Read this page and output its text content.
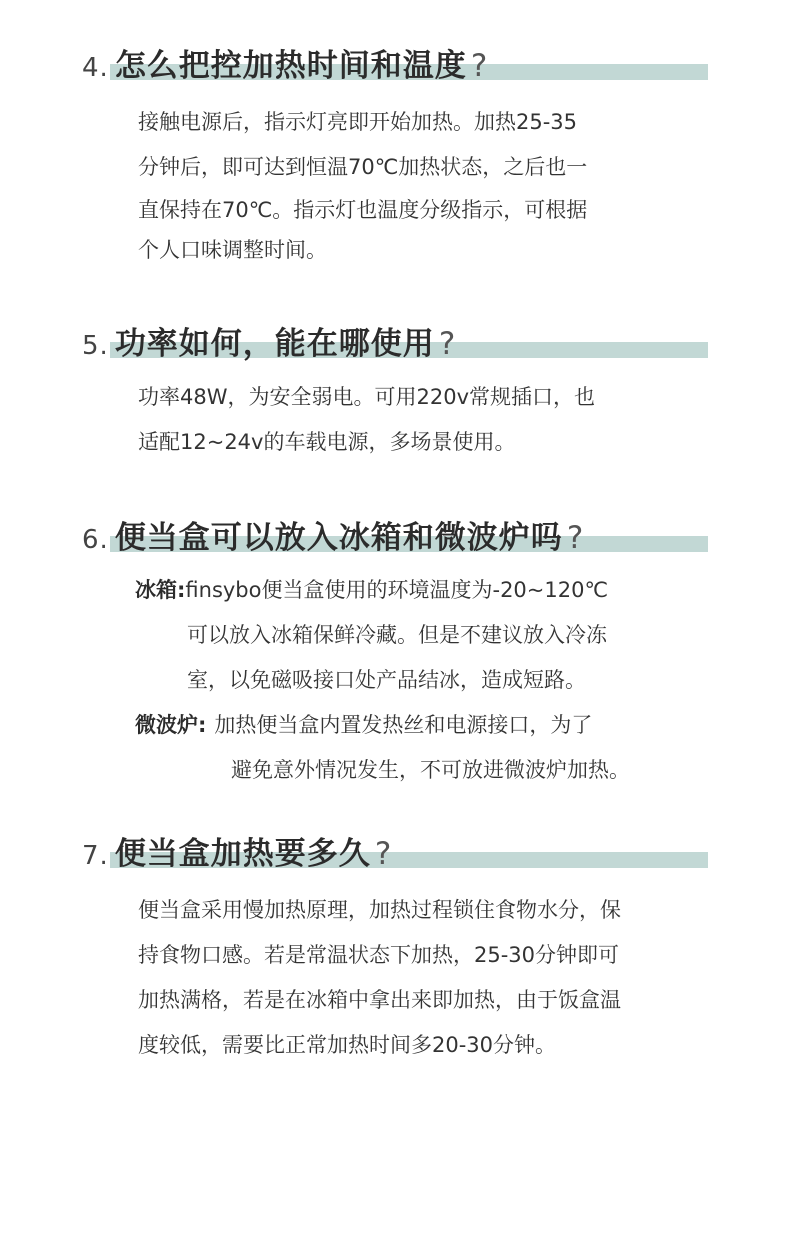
4. 怎么把控加热时间和温度 ?
接触电源后，指示灯亮即开始加热。加热25-35
分钟后，即可达到恒温70℃加热状态，之后也一
直保持在70℃。指示灯也温度分级指示，可根据
个人口味调整时间。
5. 功率如何，能在哪使用 ?
功率48W，为安全弱电。可用220v常规插口，也
适配12~24v的车载电源，多场景使用。
6. 便当盒可以放入冰箱和微波炉吗 ?
冰箱:finsybo便当盒使用的环境温度为-20~120℃
可以放入冰箱保鲜冷藏。但是不建议放入冷冻
室，以免磁吸接口处产品结冰，造成短路。
微波炉: 加热便当盒内置发热丝和电源接口，为了
避免意外情况发生，不可放进微波炉加热。
7. 便当盒加热要多久 ?
便当盒采用慢加热原理，加热过程锁住食物水分，保
持食物口感。若是常温状态下加热，25-30分钟即可
加热满格，若是在冰箱中拿出来即加热，由于饭盒温
度较低，需要比正常加热时间多20-30分钟。
